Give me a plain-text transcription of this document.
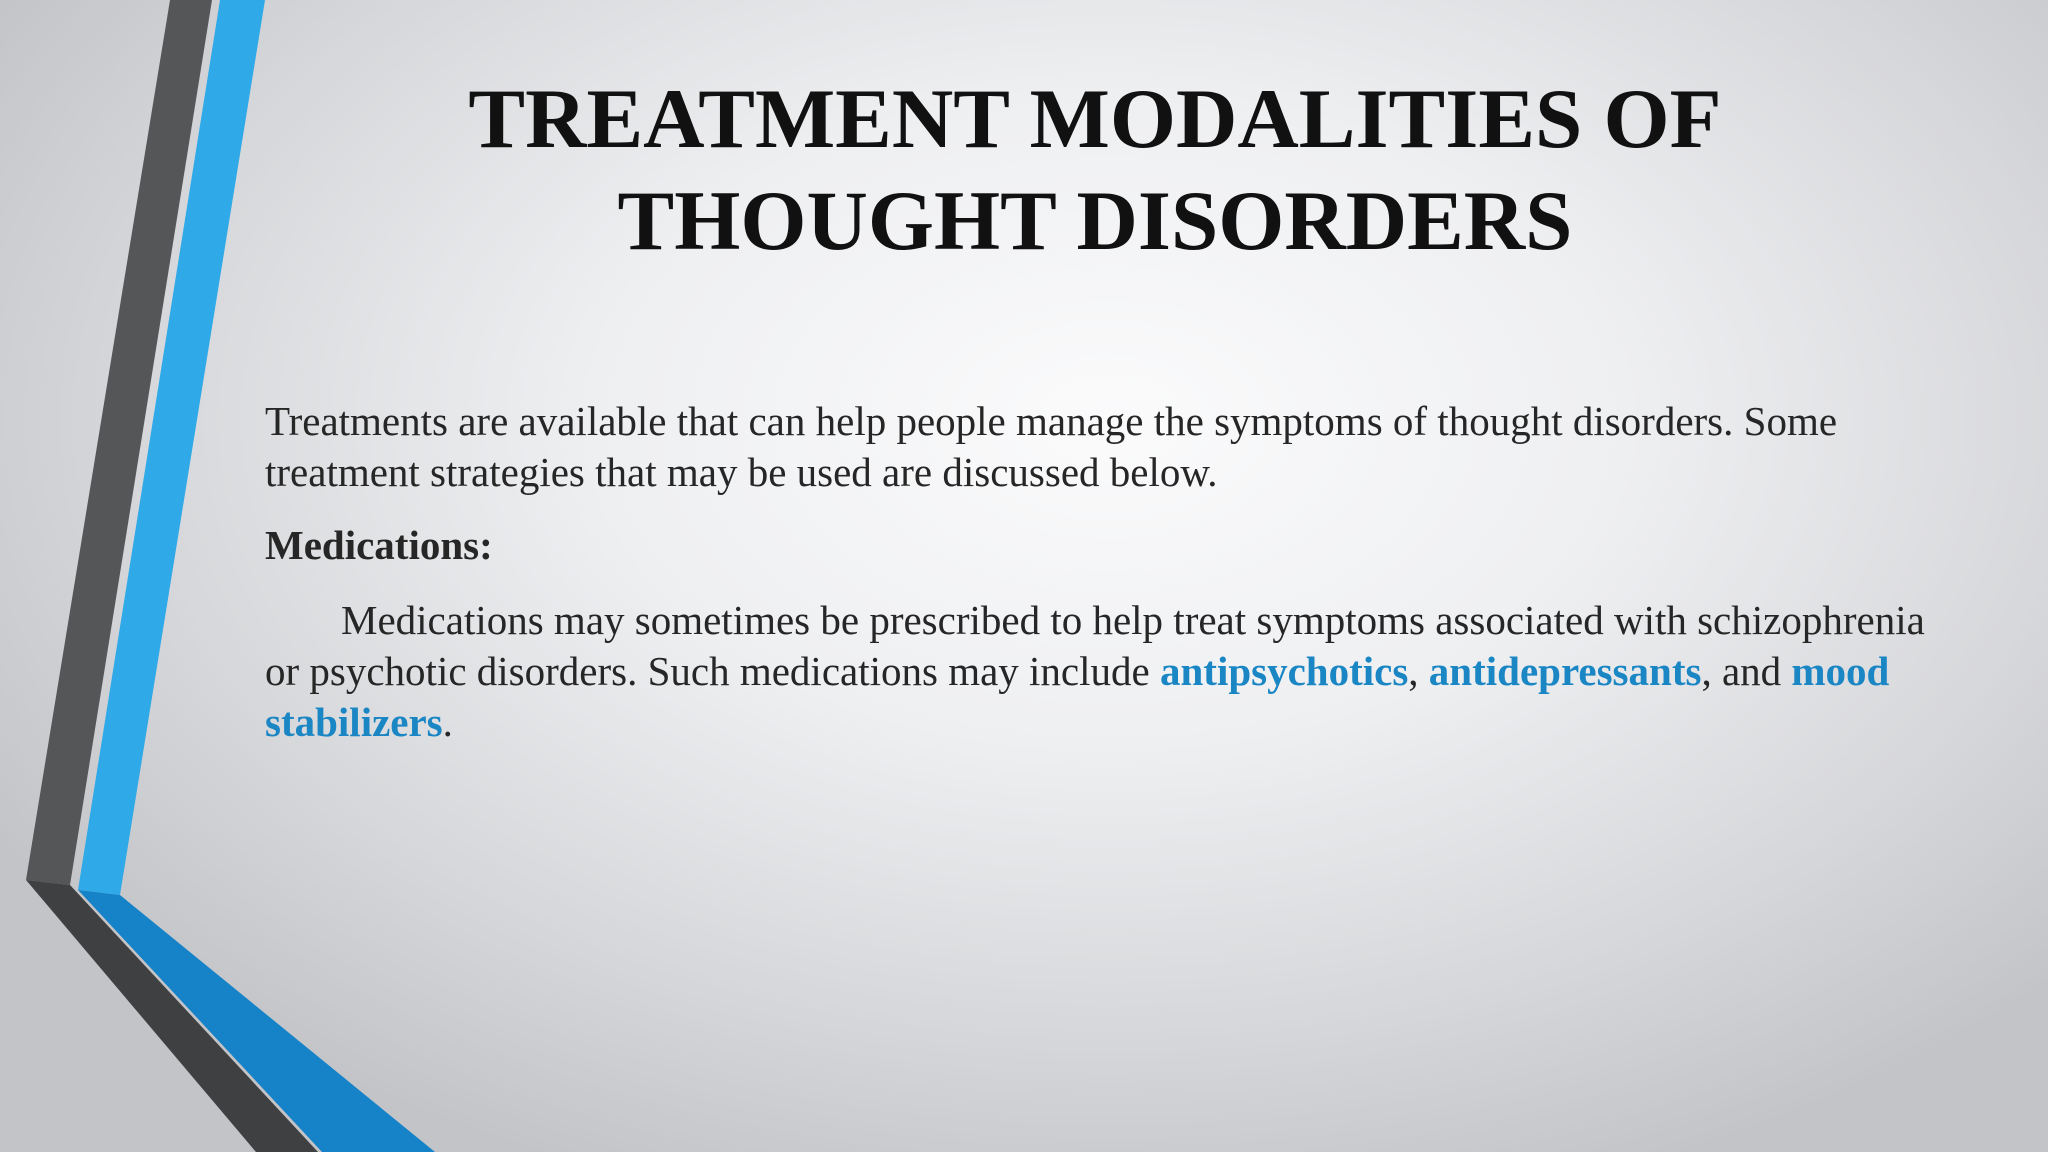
TREATMENT MODALITIES OF THOUGHT DISORDERS

Treatments are available that can help people manage the symptoms of thought disorders. Some treatment strategies that may be used are discussed below.

Medications:

Medications may sometimes be prescribed to help treat symptoms associated with schizophrenia or psychotic disorders. Such medications may include antipsychotics, antidepressants, and mood stabilizers.
